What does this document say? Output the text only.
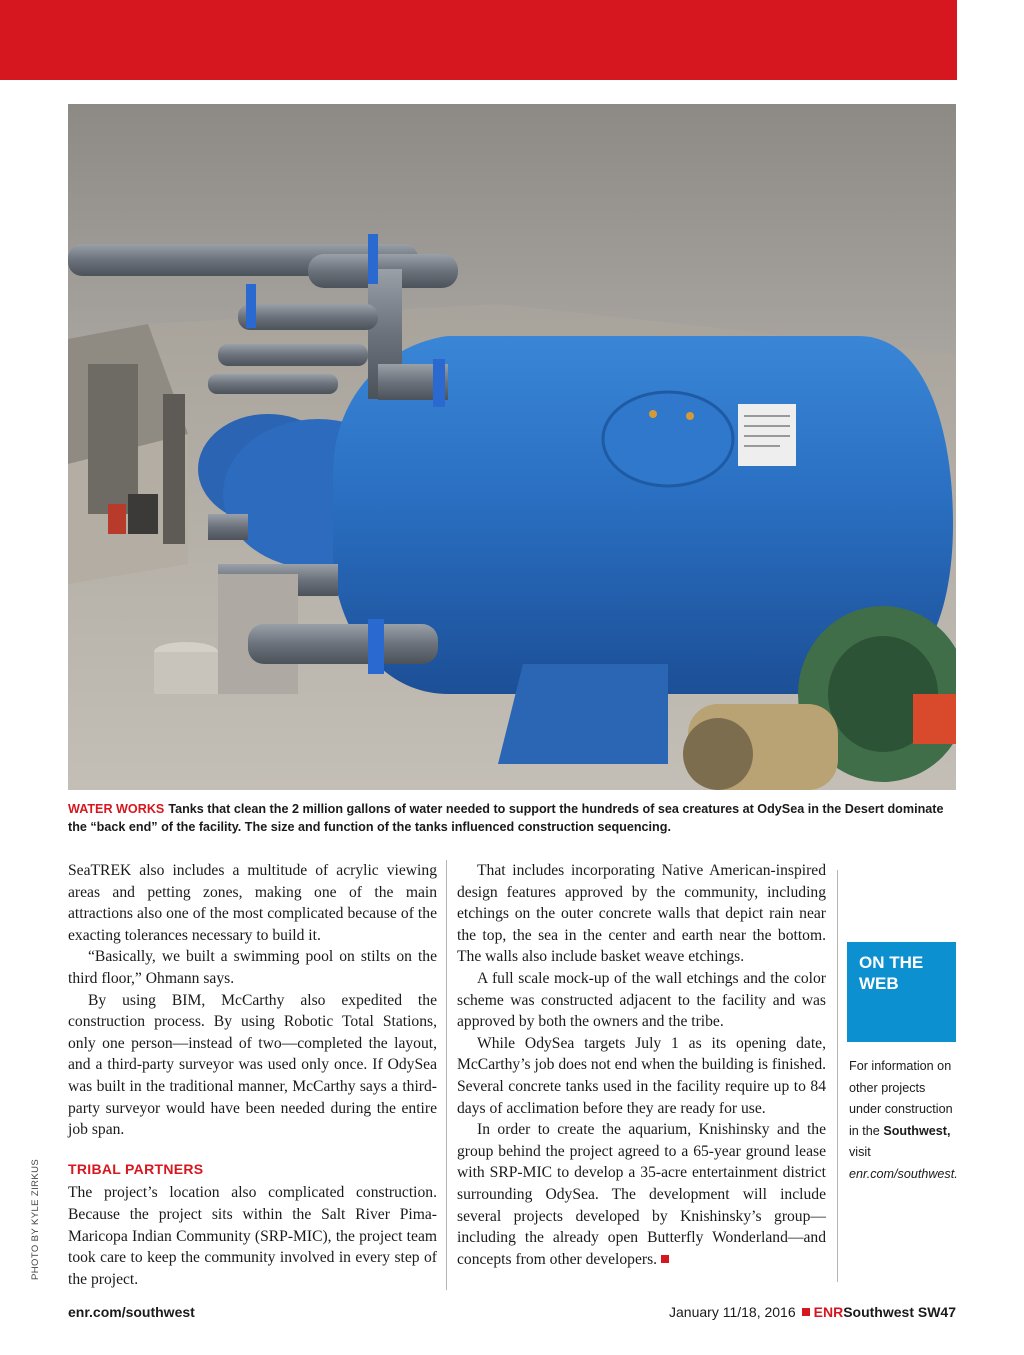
WATER WORKS Tanks that clean the 2 million gallons of water needed to support the hundreds of sea creatures at OdySea in the Desert dominate the “back end” of the facility. The size and function of the tanks influenced construction sequencing.

SeaTREK also includes a multitude of acrylic viewing areas and petting zones, making one of the main attractions also one of the most complicated because of the exacting tolerances necessary to build it.

“Basically, we built a swimming pool on stilts on the third floor,” Ohmann says.

By using BIM, McCarthy also expedited the construction process. By using Robotic Total Stations, only one person—instead of two—completed the layout, and a third-party surveyor was used only once. If OdySea was built in the traditional manner, McCarthy says a third-party surveyor would have been needed during the entire job span.

TRIBAL PARTNERS

The project’s location also complicated construction. Because the project sits within the Salt River Pima-Maricopa Indian Community (SRP-MIC), the project team took care to keep the community involved in every step of the project.

That includes incorporating Native American-inspired design features approved by the community, including etchings on the outer concrete walls that depict rain near the top, the sea in the center and earth near the bottom. The walls also include basket weave etchings.

A full scale mock-up of the wall etchings and the color scheme was constructed adjacent to the facility and was approved by both the owners and the tribe.

While OdySea targets July 1 as its opening date, McCarthy’s job does not end when the building is finished. Several concrete tanks used in the facility require up to 84 days of acclimation before they are ready for use.

In order to create the aquarium, Knishinsky and the group behind the project agreed to a 65-year ground lease with SRP-MIC to develop a 35-acre entertainment district surrounding OdySea. The development will include several projects developed by Knishinsky’s group—including the already open Butterfly Wonderland—and concepts from other developers.

ON THE
WEB
For information on other projects under construction in the Southwest, visit enr.com/southwest.
PHOTO BY KYLE ZIRKUS
enr.com/southwest	January 11/18, 2016 ENRSouthwest SW47
